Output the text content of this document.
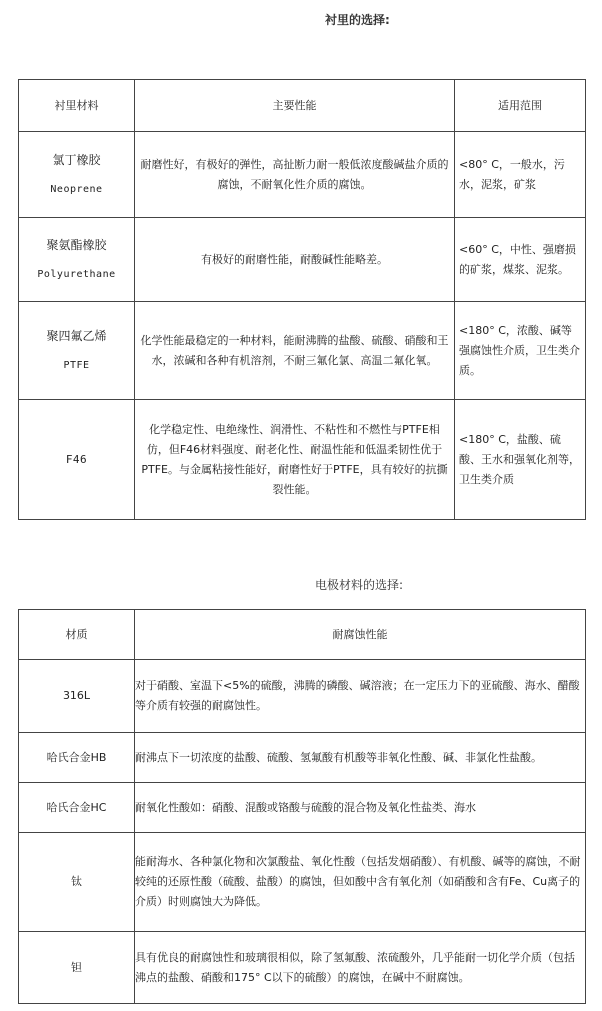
衬里的选择:
衬里材料	主要性能	适用范围

氯丁橡胶
Neoprene	耐磨性好，有极好的弹性，高扯断力耐一般低浓度酸碱盐介质的腐蚀，不耐氧化性介质的腐蚀。	<80° C，一般水，污水，泥浆，矿浆

聚氨酯橡胶
Polyurethane	有极好的耐磨性能，耐酸碱性能略差。	<60° C，中性、强磨损的矿浆，煤浆、泥浆。

聚四氟乙烯
PTFE	化学性能最稳定的一种材料，能耐沸腾的盐酸、硫酸、硝酸和王水，浓碱和各种有机溶剂，不耐三氟化氯、高温二氟化氧。	<180° C，浓酸、碱等强腐蚀性介质，卫生类介质。

F46	化学稳定性、电绝缘性、润滑性、不粘性和不燃性与PTFE相仿，但F46材料强度、耐老化性、耐温性能和低温柔韧性优于PTFE。与金属粘接性能好，耐磨性好于PTFE，具有较好的抗撕裂性能。	<180° C，盐酸、硫酸、王水和强氧化剂等，卫生类介质
电极材料的选择:
材质	耐腐蚀性能

316L	对于硝酸、室温下<5%的硫酸，沸腾的磷酸、碱溶液；在一定压力下的亚硫酸、海水、醋酸等介质有较强的耐腐蚀性。

哈氏合金HB	耐沸点下一切浓度的盐酸、硫酸、氢氟酸有机酸等非氧化性酸、碱、非氯化性盐酸。

哈氏合金HC	耐氧化性酸如：硝酸、混酸或铬酸与硫酸的混合物及氧化性盐类、海水

钛	能耐海水、各种氯化物和次氯酸盐、氧化性酸（包括发烟硝酸）、有机酸、碱等的腐蚀，不耐较纯的还原性酸（硫酸、盐酸）的腐蚀，但如酸中含有氧化剂（如硝酸和含有Fe、Cu离子的介质）时则腐蚀大为降低。

钽	具有优良的耐腐蚀性和玻璃很相似，除了氢氟酸、浓硫酸外，几乎能耐一切化学介质（包括沸点的盐酸、硝酸和175° C以下的硫酸）的腐蚀，在碱中不耐腐蚀。
